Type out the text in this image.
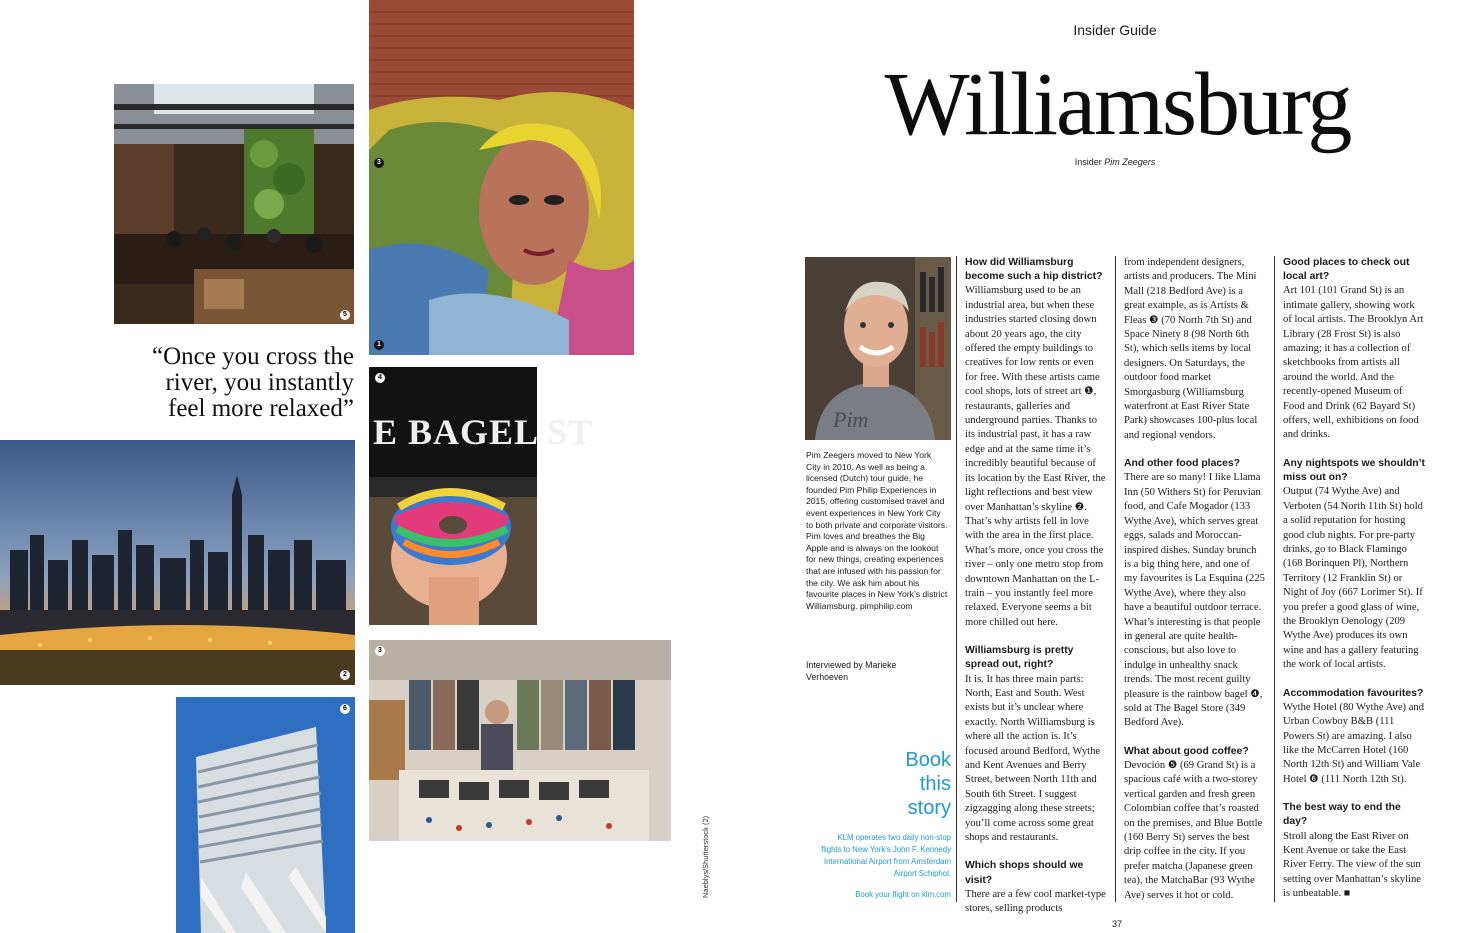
5
3
1
“Once you cross the
river, you instantly
feel more relaxed”
2
6
E BAGEL ST
4
3
Naeblys/Shutterstock (2)
Insider Guide
Williamsburg
Insider Pim Zeegers
Pim
Pim Zeegers moved to New York City in 2010. As well as being a licensed (Dutch) tour guide, he founded Pim Philip Experiences in 2015, offering customised travel and event experiences in New York City to both private and corporate visitors. Pim loves and breathes the Big Apple and is always on the lookout for new things, creating experiences that are infused with his passion for the city. We ask him about his favourite places in New York’s district Williamsburg. pimphilip.com
Interviewed by Marieke Verhoeven
Book
this
story
KLM operates two daily non-stop flights to New York’s John F. Kennedy International Airport from Amsterdam Airport Schiphol.
Book your flight on klm.com

How did Williamsburg become such a hip district?

Williamsburg used to be an industrial area, but when these industries started closing down about 20 years ago, the city offered the empty buildings to creatives for low rents or even for free. With these artists came cool shops, lots of street art ❶, restaurants, galleries and underground parties. Thanks to its industrial past, it has a raw edge and at the same time it’s incredibly beautiful because of its location by the East River, the light reflections and best view over Manhattan’s skyline ❷. That’s why artists fell in love with the area in the first place. What’s more, once you cross the river – only one metro stop from downtown Manhattan on the L-train – you instantly feel more relaxed. Everyone seems a bit more chilled out here.

Williamsburg is pretty spread out, right?

It is. It has three main parts: North, East and South. West exists but it’s unclear where exactly. North Williamsburg is where all the action is. It’s focused around Bedford, Wythe and Kent Avenues and Berry Street, between North 11th and South 6th Street. I suggest zigzagging along these streets; you’ll come across some great shops and restaurants.

Which shops should we visit?

There are a few cool market-type stores, selling products

from independent designers, artists and producers. The Mini Mall (218 Bedford Ave) is a great example, as is Artists & Fleas ❸ (70 North 7th St) and Space Ninety 8 (98 North 6th St), which sells items by local designers. On Saturdays, the outdoor food market Smorgasburg (Williamsburg waterfront at East River State Park) showcases 100-plus local and regional vendors.

And other food places?

There are so many! I like Llama Inn (50 Withers St) for Peruvian food, and Cafe Mogador (133 Wythe Ave), which serves great eggs, salads and Moroccan-inspired dishes. Sunday brunch is a big thing here, and one of my favourites is La Esquina (225 Wythe Ave), where they also have a beautiful outdoor terrace. What’s interesting is that people in general are quite health-conscious, but also love to indulge in unhealthy snack trends. The most recent guilty pleasure is the rainbow bagel ❹, sold at The Bagel Store (349 Bedford Ave).

What about good coffee?

Devoción ❺ (69 Grand St) is a spacious café with a two-storey vertical garden and fresh green Colombian coffee that’s roasted on the premises, and Blue Bottle (160 Berry St) serves the best drip coffee in the city. If you prefer matcha (Japanese green tea), the MatchaBar (93 Wythe Ave) serves it hot or cold.

Good places to check out local art?

Art 101 (101 Grand St) is an intimate gallery, showing work of local artists. The Brooklyn Art Library (28 Frost St) is also amazing; it has a collection of sketchbooks from artists all around the world. And the recently-opened Museum of Food and Drink (62 Bayard St) offers, well, exhibitions on food and drinks.

Any nightspots we shouldn’t miss out on?

Output (74 Wythe Ave) and Verboten (54 North 11th St) hold a solid reputation for hosting good club nights. For pre-party drinks, go to Black Flamingo (168 Borinquen Pl), Northern Territory (12 Franklin St) or Night of Joy (667 Lorimer St). If you prefer a good glass of wine, the Brooklyn Oenology (209 Wythe Ave) produces its own wine and has a gallery featuring the work of local artists.

Accommodation favourites?

Wythe Hotel (80 Wythe Ave) and Urban Cowboy B&B (111 Powers St) are amazing. I also like the McCarren Hotel (160 North 12th St) and William Vale Hotel ❻ (111 North 12th St).

The best way to end the day?

Stroll along the East River on Kent Avenue or take the East River Ferry. The view of the sun setting over Manhattan’s skyline is unbeatable. ■

37
